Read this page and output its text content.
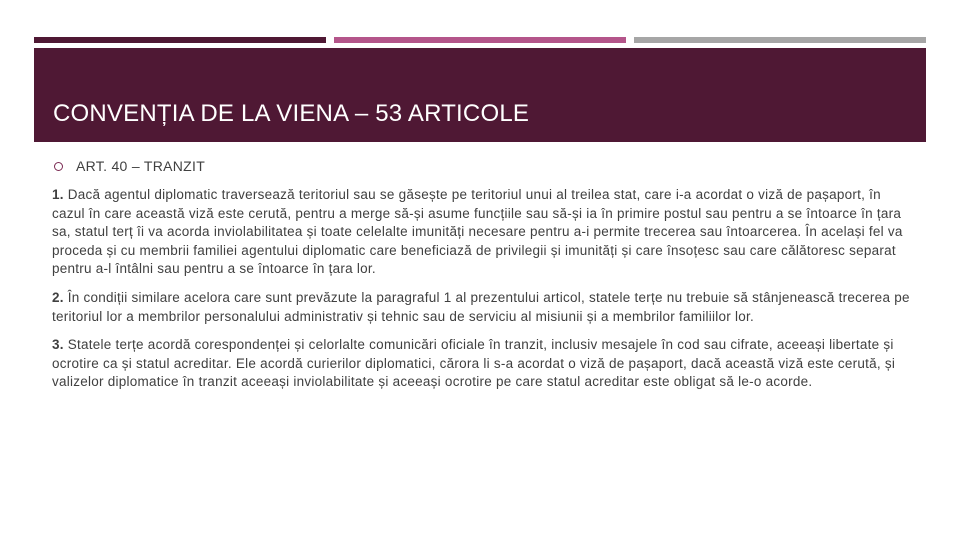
CONVENȚIA DE LA VIENA – 53 ARTICOLE
ART. 40 – TRANZIT

1. Dacă agentul diplomatic traversează teritoriul sau se găsește pe teritoriul unui al treilea stat, care i-a acordat o viză de pașaport, în cazul în care această viză este cerută, pentru a merge să-și asume funcțiile sau să-și ia în primire postul sau pentru a se întoarce în țara sa, statul terț îi va acorda inviolabilitatea și toate celelalte imunități necesare pentru a-i permite trecerea sau întoarcerea. În același fel va proceda și cu membrii familiei agentului diplomatic care beneficiază de privilegii și imunități și care însoțesc sau care călătoresc separat pentru a-l întâlni sau pentru a se întoarce în țara lor.

2. În condiții similare acelora care sunt prevăzute la paragraful 1 al prezentului articol, statele terțe nu trebuie să stânjenească trecerea pe teritoriul lor a membrilor personalului administrativ și tehnic sau de serviciu al misiunii și a membrilor familiilor lor.

3. Statele terțe acordă corespondenței și celorlalte comunicări oficiale în tranzit, inclusiv mesajele în cod sau cifrate, aceeași libertate și ocrotire ca și statul acreditar. Ele acordă curierilor diplomatici, cărora li s-a acordat o viză de pașaport, dacă această viză este cerută, și valizelor diplomatice în tranzit aceeași inviolabilitate și aceeași ocrotire pe care statul acreditar este obligat să le-o acorde.
